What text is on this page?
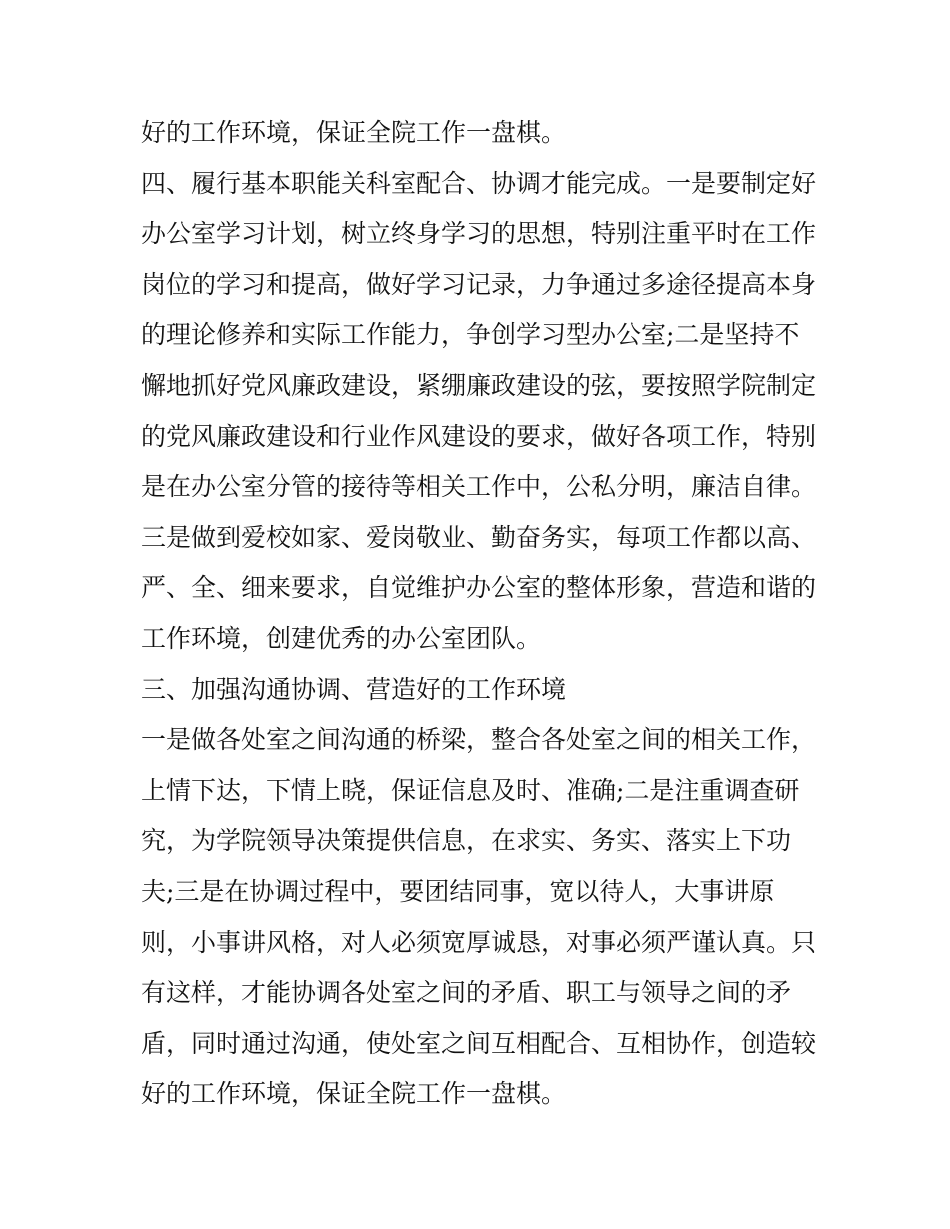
好的工作环境，保证全院工作一盘棋。
四、履行基本职能关科室配合、协调才能完成。一是要制定好
办公室学习计划，树立终身学习的思想，特别注重平时在工作
岗位的学习和提高，做好学习记录，力争通过多途径提高本身
的理论修养和实际工作能力，争创学习型办公室;二是坚持不
懈地抓好党风廉政建设，紧绷廉政建设的弦，要按照学院制定
的党风廉政建设和行业作风建设的要求，做好各项工作，特别
是在办公室分管的接待等相关工作中，公私分明，廉洁自律。
三是做到爱校如家、爱岗敬业、勤奋务实，每项工作都以高、
严、全、细来要求，自觉维护办公室的整体形象，营造和谐的
工作环境，创建优秀的办公室团队。
三、加强沟通协调、营造好的工作环境
一是做各处室之间沟通的桥梁，整合各处室之间的相关工作，
上情下达，下情上晓，保证信息及时、准确;二是注重调查研
究，为学院领导决策提供信息，在求实、务实、落实上下功
夫;三是在协调过程中，要团结同事，宽以待人，大事讲原
则，小事讲风格，对人必须宽厚诚恳，对事必须严谨认真。只
有这样，才能协调各处室之间的矛盾、职工与领导之间的矛
盾，同时通过沟通，使处室之间互相配合、互相协作，创造较
好的工作环境，保证全院工作一盘棋。
